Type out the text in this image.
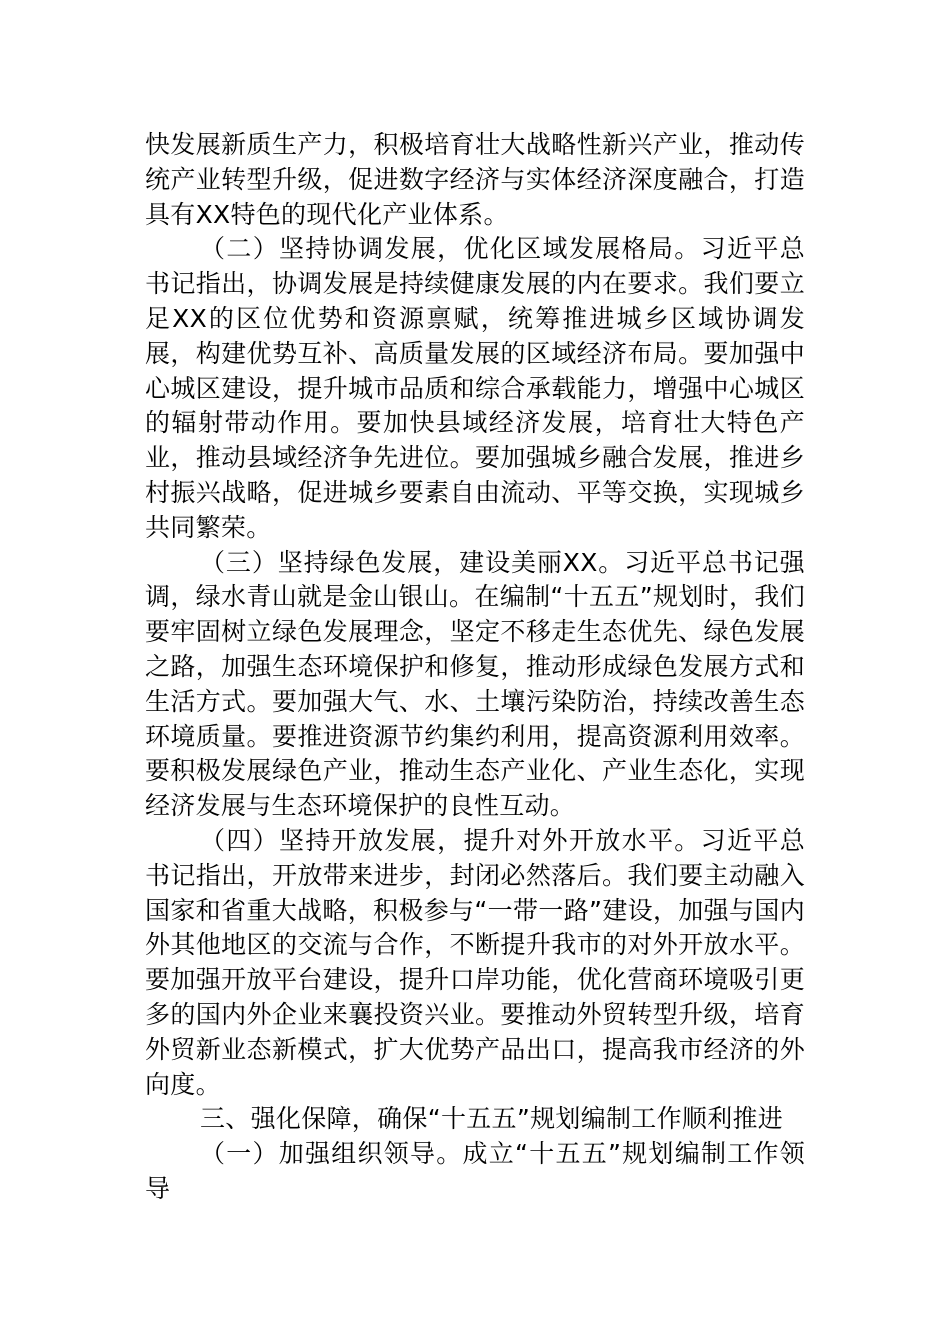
快发展新质生产力，积极培育壮大战略性新兴产业，推动传统产业转型升级，促进数字经济与实体经济深度融合，打造具有XX特色的现代化产业体系。

（二）坚持协调发展，优化区域发展格局。习近平总书记指出，协调发展是持续健康发展的内在要求。我们要立足XX的区位优势和资源禀赋，统筹推进城乡区域协调发展，构建优势互补、高质量发展的区域经济布局。要加强中心城区建设，提升城市品质和综合承载能力，增强中心城区的辐射带动作用。要加快县域经济发展，培育壮大特色产业，推动县域经济争先进位。要加强城乡融合发展，推进乡村振兴战略，促进城乡要素自由流动、平等交换，实现城乡共同繁荣。

（三）坚持绿色发展，建设美丽XX。习近平总书记强调，绿水青山就是金山银山。在编制“十五五”规划时，我们要牢固树立绿色发展理念，坚定不移走生态优先、绿色发展之路，加强生态环境保护和修复，推动形成绿色发展方式和生活方式。要加强大气、水、土壤污染防治，持续改善生态环境质量。要推进资源节约集约利用，提高资源利用效率。要积极发展绿色产业，推动生态产业化、产业生态化，实现经济发展与生态环境保护的良性互动。

（四）坚持开放发展，提升对外开放水平。习近平总书记指出，开放带来进步，封闭必然落后。我们要主动融入国家和省重大战略，积极参与“一带一路”建设，加强与国内外其他地区的交流与合作，不断提升我市的对外开放水平。要加强开放平台建设，提升口岸功能，优化营商环境吸引更多的国内外企业来襄投资兴业。要推动外贸转型升级，培育外贸新业态新模式，扩大优势产品出口，提高我市经济的外向度。

三、强化保障，确保“十五五”规划编制工作顺利推进

（一）加强组织领导。成立“十五五”规划编制工作领导
